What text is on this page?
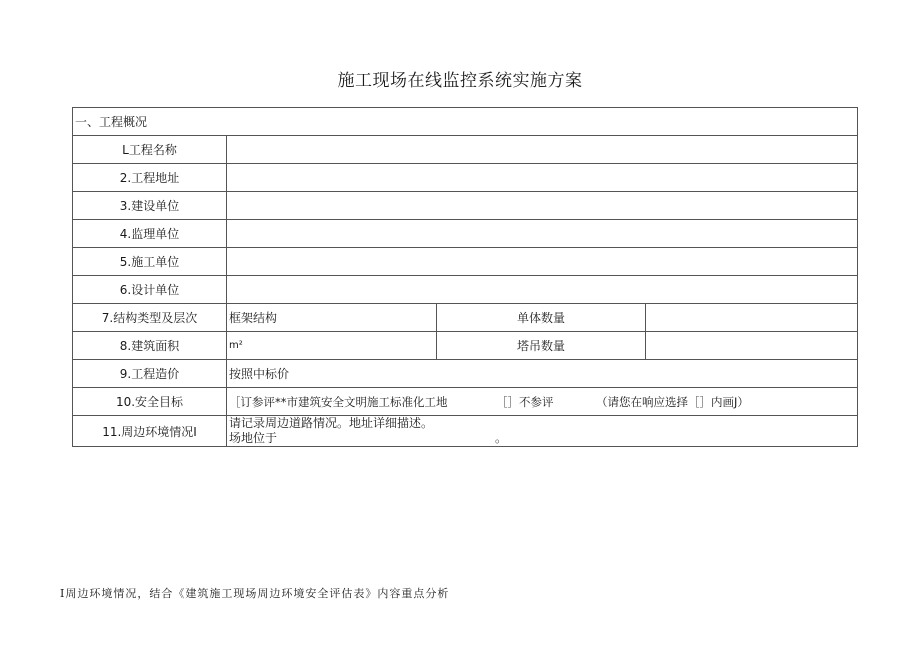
施工现场在线监控系统实施方案
一、工程概况			
L工程名称			
2.工程地址			
3.建设单位			
4.监理单位			
5.施工单位			
6.设计单位			
7.结构类型及层次	框架结构	单体数量	
8.建筑面积	m²	塔吊数量	
9.工程造价	按照中标价		
10.安全目标	［订参评**市建筑安全文明施工标准化工地 ［］不参评 （请您在响应选择［］内画J）		
11.周边环境情况I	请记录周边道路情况。地址详细描述。
场地位于 。		
I周边环境情况，结合《建筑施工现场周边环境安全评估表》内容重点分析
